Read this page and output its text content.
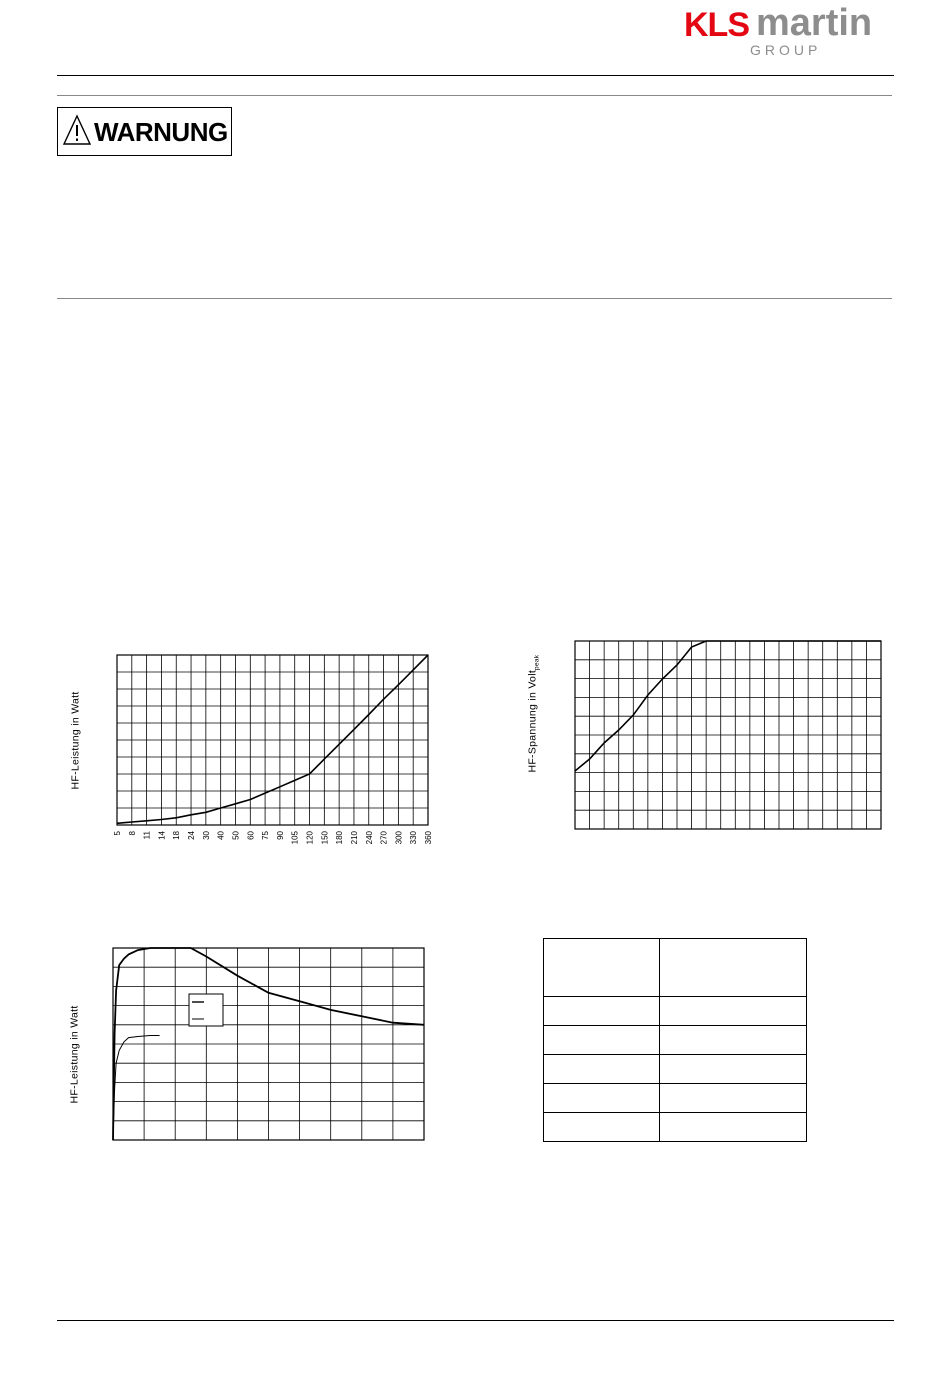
KLS martin
GROUP
WARNUNG
HF-Leistung in Watt
5 8 11 14 18 24 30 40 50 60 75 90 105 120 150 180 210 240 270 300 330 360
HF-Spannung in Volt$_{peak}$
HF-Leistung in Watt
